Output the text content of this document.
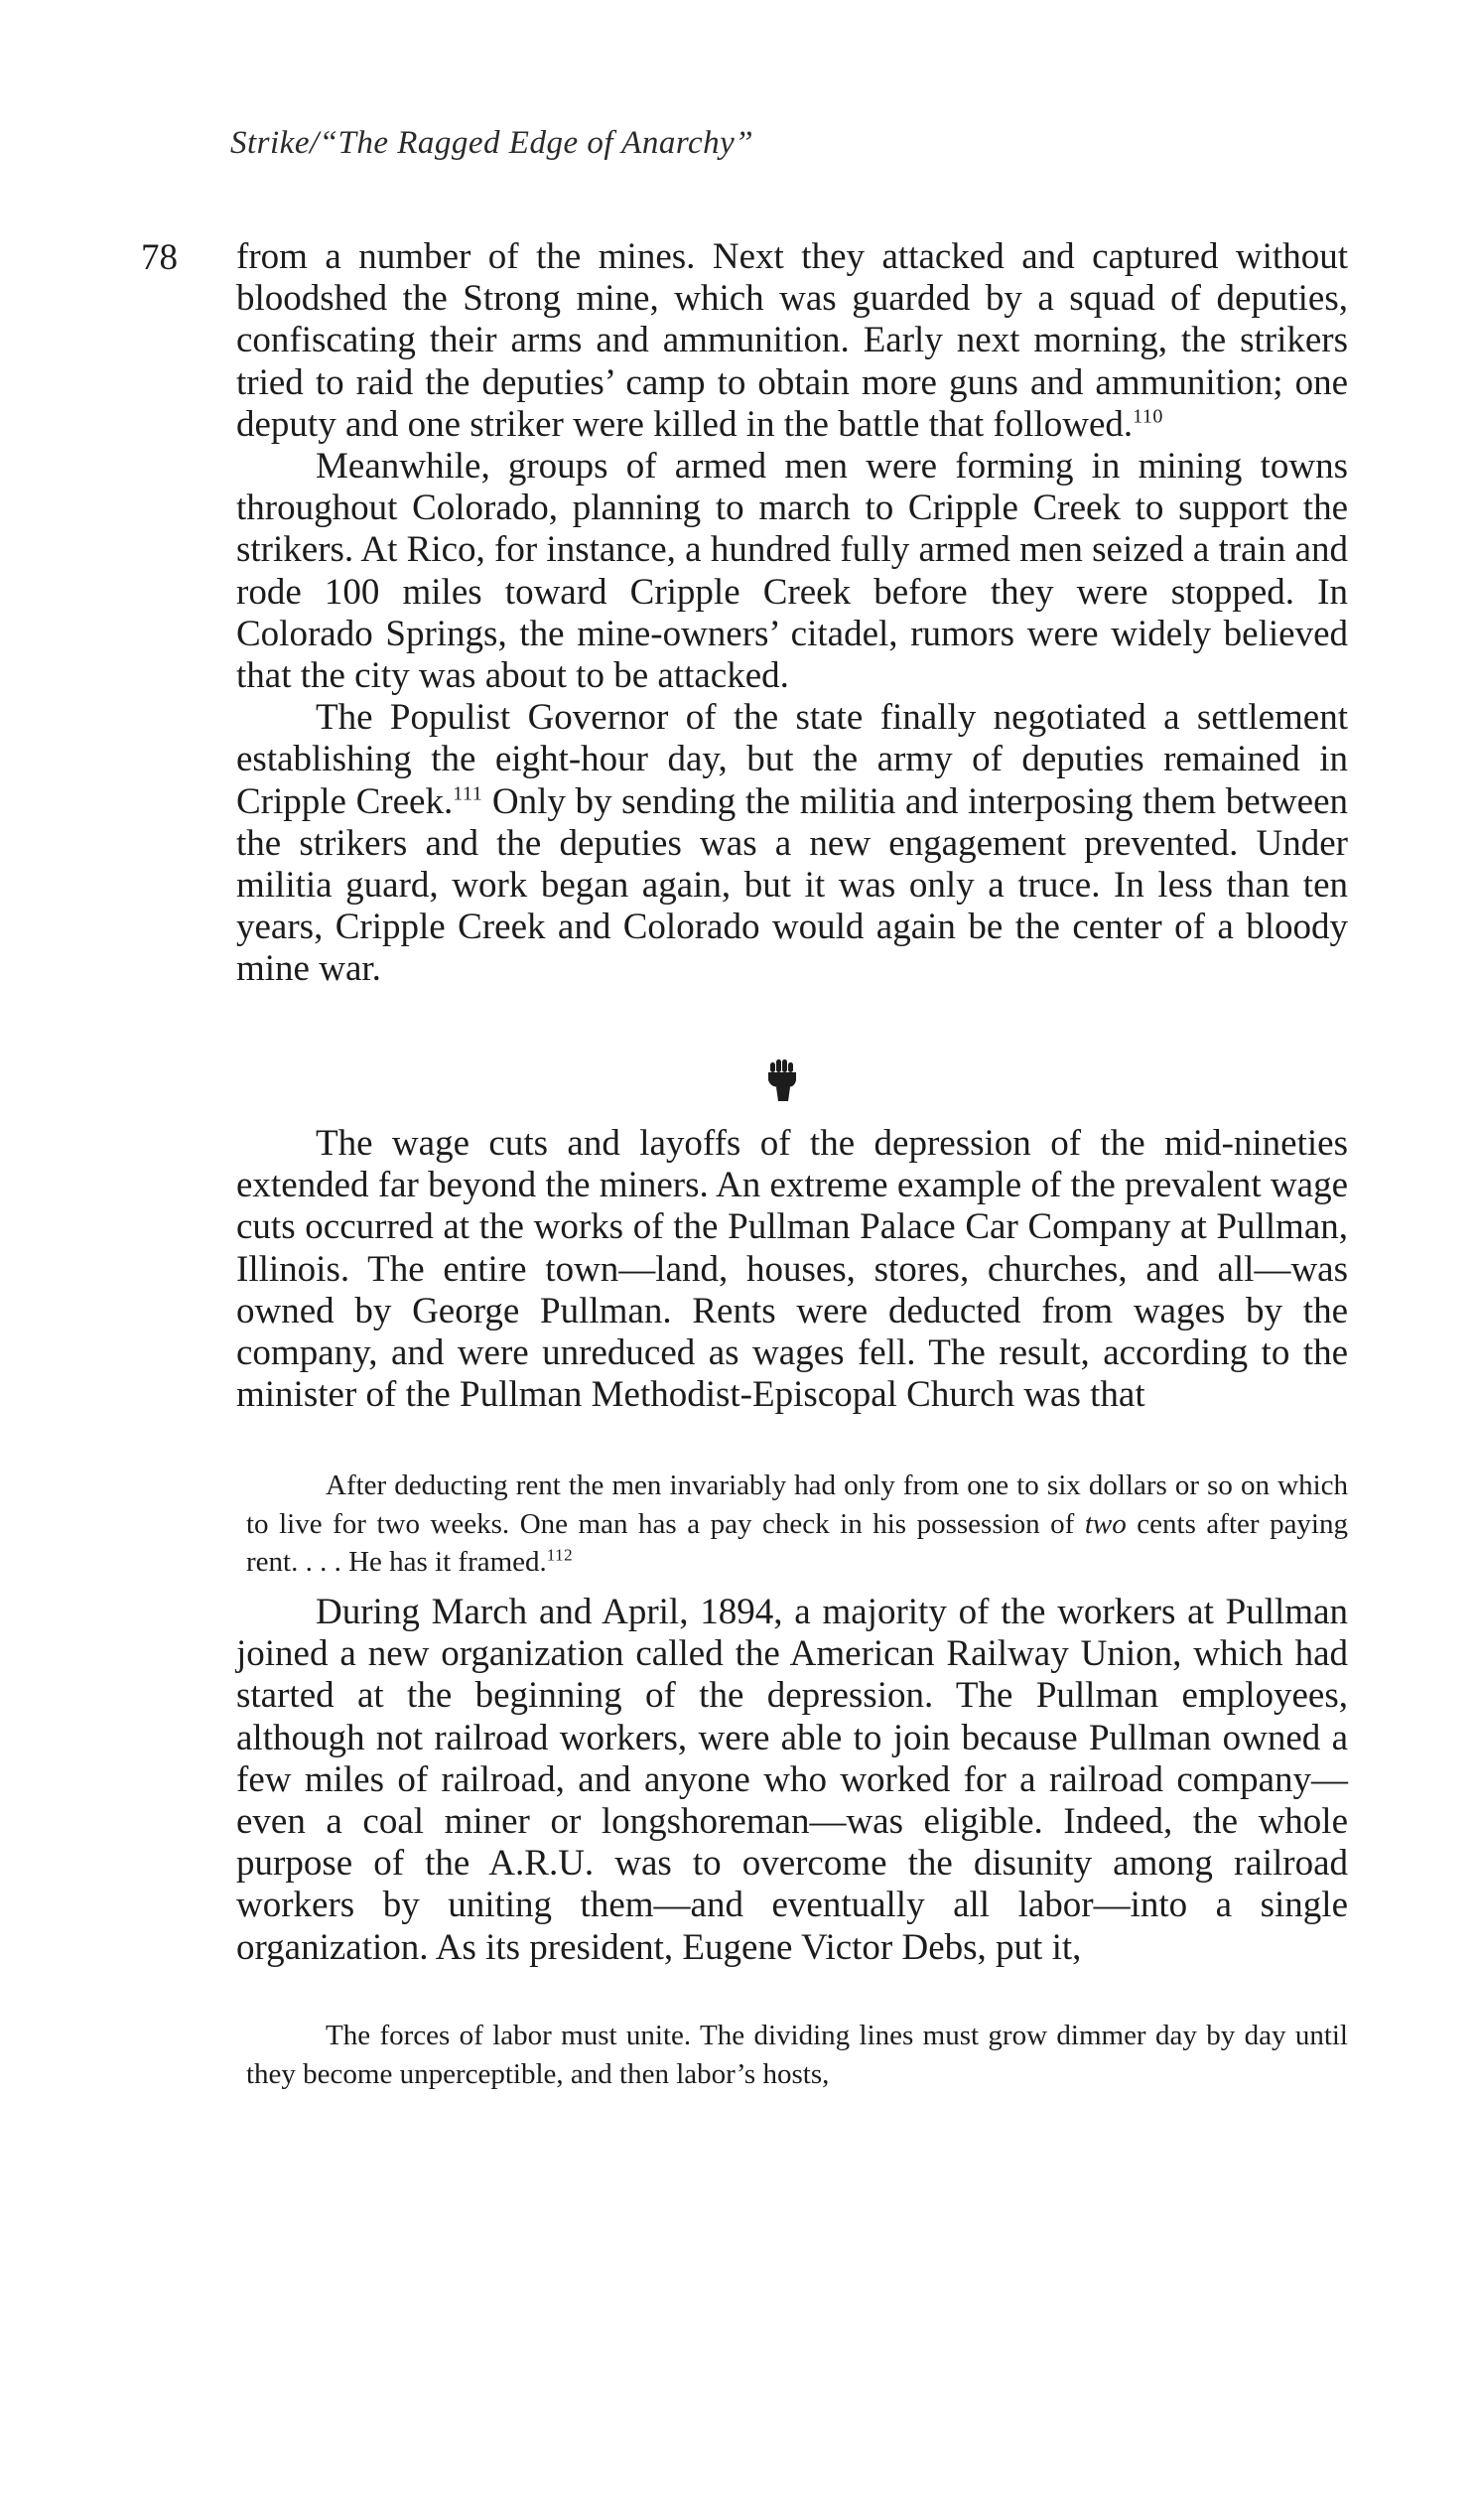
Strike/“The Ragged Edge of Anarchy”
78 from a number of the mines. Next they attacked and captured without bloodshed the Strong mine, which was guarded by a squad of deputies, confiscating their arms and ammunition. Early next morning, the strikers tried to raid the deputies’ camp to obtain more guns and ammunition; one deputy and one striker were killed in the battle that followed.$^{110}$

Meanwhile, groups of armed men were forming in mining towns throughout Colorado, planning to march to Cripple Creek to support the strikers. At Rico, for instance, a hundred fully armed men seized a train and rode 100 miles toward Cripple Creek before they were stopped. In Colorado Springs, the mine-owners’ citadel, rumors were widely believed that the city was about to be attacked.

The Populist Governor of the state finally negotiated a settlement establishing the eight-hour day, but the army of deputies remained in Cripple Creek.$^{111}$ Only by sending the militia and interposing them between the strikers and the deputies was a new engagement prevented. Under militia guard, work began again, but it was only a truce. In less than ten years, Cripple Creek and Colorado would again be the center of a bloody mine war.

The wage cuts and layoffs of the depression of the mid-nineties extended far beyond the miners. An extreme example of the prevalent wage cuts occurred at the works of the Pullman Palace Car Company at Pullman, Illinois. The entire town—land, houses, stores, churches, and all—was owned by George Pullman. Rents were deducted from wages by the company, and were unreduced as wages fell. The result, according to the minister of the Pullman Methodist-Episcopal Church was that

After deducting rent the men invariably had only from one to six dollars or so on which to live for two weeks. One man has a pay check in his possession of two cents after paying rent. . . . He has it framed.$^{112}$

During March and April, 1894, a majority of the workers at Pullman joined a new organization called the American Railway Union, which had started at the beginning of the depression. The Pullman employees, although not railroad workers, were able to join because Pullman owned a few miles of railroad, and anyone who worked for a railroad company—even a coal miner or longshoreman—was eligible. Indeed, the whole purpose of the A.R.U. was to overcome the disunity among railroad workers by uniting them—and eventually all labor—into a single organization. As its president, Eugene Victor Debs, put it,

The forces of labor must unite. The dividing lines must grow dimmer day by day until they become unperceptible, and then labor’s hosts,
